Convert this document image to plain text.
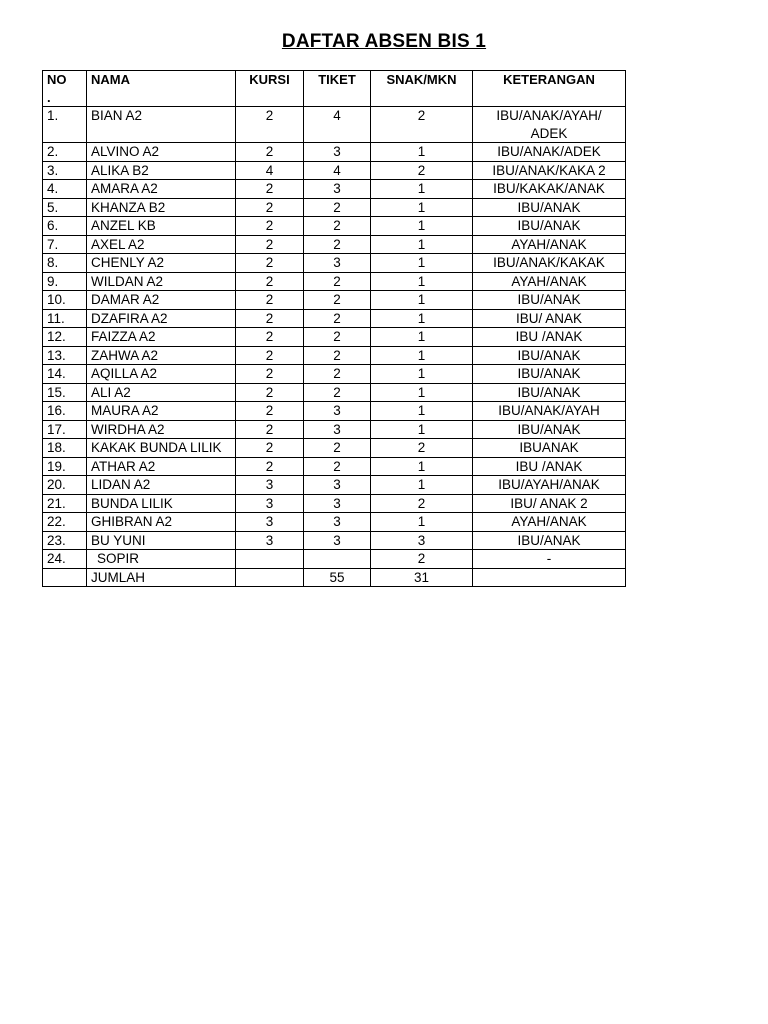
DAFTAR ABSEN BIS 1
NO
.	NAMA	KURSI	TIKET	SNAK/MKN	KETERANGAN
1.	BIAN A2	2	4	2	IBU/ANAK/AYAH/ ADEK
2.	ALVINO A2	2	3	1	IBU/ANAK/ADEK
3.	ALIKA B2	4	4	2	IBU/ANAK/KAKA 2
4.	AMARA A2	2	3	1	IBU/KAKAK/ANAK
5.	KHANZA B2	2	2	1	IBU/ANAK
6.	ANZEL KB	2	2	1	IBU/ANAK
7.	AXEL A2	2	2	1	AYAH/ANAK
8.	CHENLY A2	2	3	1	IBU/ANAK/KAKAK
9.	WILDAN A2	2	2	1	AYAH/ANAK
10.	DAMAR A2	2	2	1	IBU/ANAK
11.	DZAFIRA A2	2	2	1	IBU/ ANAK
12.	FAIZZA A2	2	2	1	IBU /ANAK
13.	ZAHWA A2	2	2	1	IBU/ANAK
14.	AQILLA A2	2	2	1	IBU/ANAK
15.	ALI A2	2	2	1	IBU/ANAK
16.	MAURA A2	2	3	1	IBU/ANAK/AYAH
17.	WIRDHA A2	2	3	1	IBU/ANAK
18.	KAKAK BUNDA LILIK	2	2	2	IBUANAK
19.	ATHAR A2	2	2	1	IBU /ANAK
20.	LIDAN A2	3	3	1	IBU/AYAH/ANAK
21.	BUNDA LILIK	3	3	2	IBU/ ANAK 2
22.	GHIBRAN A2	3	3	1	AYAH/ANAK
23.	BU YUNI	3	3	3	IBU/ANAK
24.	SOPIR			2	-
	JUMLAH		55	31	
